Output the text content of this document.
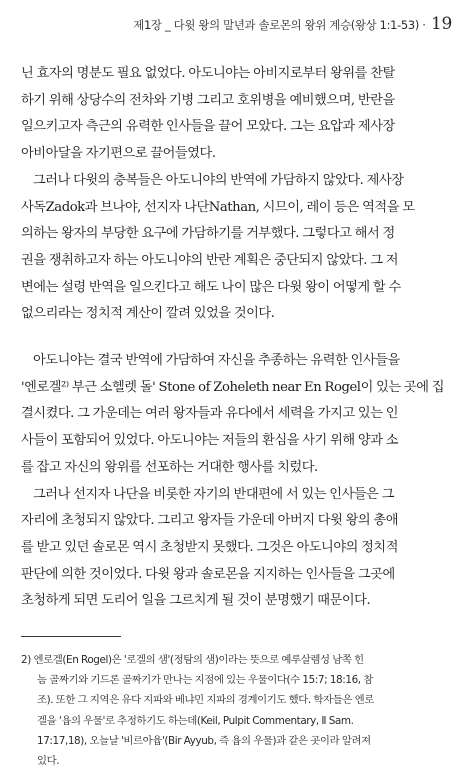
제1장 _ 다윗 왕의 말년과 솔로몬의 왕위 계승(왕상 1:1-53) · 19
닌 효자의 명분도 필요 없었다. 아도니야는 아비지로부터 왕위를 찬탈
하기 위해 상당수의 전차와 기병 그리고 호위병을 예비했으며, 반란을
일으키고자 측근의 유력한 인사들을 끌어 모았다. 그는 요압과 제사장
아비아달을 자기편으로 끌어들였다.
그러나 다윗의 충복들은 아도니야의 반역에 가담하지 않았다. 제사장
사독Zadok과 브나야, 선지자 나단Nathan, 시므이, 레이 등은 역적을 모
의하는 왕자의 부당한 요구에 가담하기를 거부했다. 그렇다고 해서 정
권을 쟁취하고자 하는 아도니야의 반란 계획은 중단되지 않았다. 그 저
변에는 설령 반역을 일으킨다고 해도 나이 많은 다윗 왕이 어떻게 할 수
없으리라는 정치적 계산이 깔려 있었을 것이다.
아도니야는 결국 반역에 가담하여 자신을 추종하는 유력한 인사들을
'엔로겔²⁾ 부근 소헬렛 돌' Stone of Zoheleth near En Rogel이 있는 곳에 집
결시켰다. 그 가운데는 여러 왕자들과 유다에서 세력을 가지고 있는 인
사들이 포함되어 있었다. 아도니야는 저들의 환심을 사기 위해 양과 소
를 잡고 자신의 왕위를 선포하는 거대한 행사를 치렀다.
그러나 선지자 나단을 비롯한 자기의 반대편에 서 있는 인사들은 그
자리에 초청되지 않았다. 그리고 왕자들 가운데 아버지 다윗 왕의 총애
를 받고 있던 솔로몬 역시 초청받지 못했다. 그것은 아도니야의 정치적
판단에 의한 것이었다. 다윗 왕과 솔로몬을 지지하는 인사들을 그곳에
초청하게 되면 도리어 일을 그르치게 될 것이 분명했기 때문이다.
2) 엔로겔(En Rogel)은 '로겔의 샘'(정탐의 샘)이라는 뜻으로 예루살렘성 남쪽 힌
놈 골짜기와 기드론 골짜기가 만나는 지점에 있는 우물이다(수 15:7; 18:16, 참
조). 또한 그 지역은 유다 지파와 베냐민 지파의 경계이기도 했다. 학자들은 엔로
겔을 '욥의 우물'로 추정하기도 하는데(Keil, Pulpit Commentary, Ⅱ Sam.
17:17,18), 오늘날 '비르아윱'(Bir Ayyub, 즉 욥의 우물)과 같은 곳이라 알려져
있다.
